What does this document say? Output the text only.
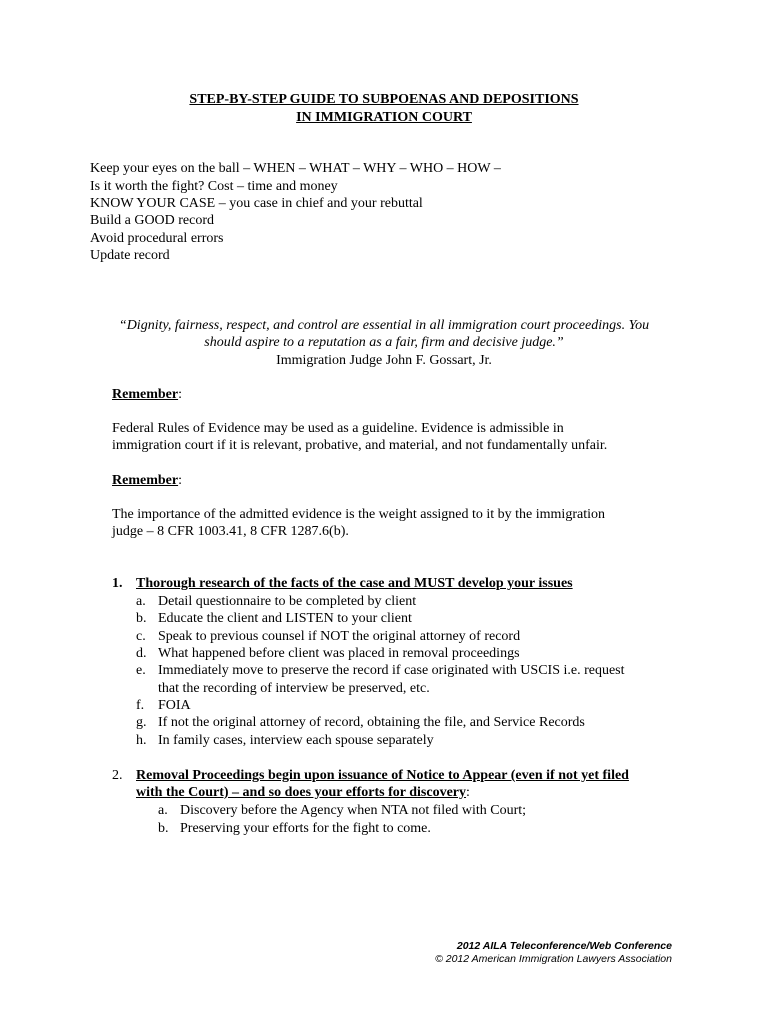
STEP-BY-STEP GUIDE TO SUBPOENAS AND DEPOSITIONS
IN IMMIGRATION COURT
Keep your eyes on the ball – WHEN – WHAT – WHY – WHO – HOW –
Is it worth the fight? Cost – time and money
KNOW YOUR CASE – you case in chief and your rebuttal
Build a GOOD record
Avoid procedural errors
Update record
“Dignity, fairness, respect, and control are essential in all immigration court proceedings. You
should aspire to a reputation as a fair, firm and decisive judge.”
Immigration Judge John F. Gossart, Jr.
Remember:
Federal Rules of Evidence may be used as a guideline. Evidence is admissible in
immigration court if it is relevant, probative, and material, and not fundamentally unfair.
Remember:
The importance of the admitted evidence is the weight assigned to it by the immigration
judge – 8 CFR 1003.41, 8 CFR 1287.6(b).
1. Thorough research of the facts of the case and MUST develop your issues
a. Detail questionnaire to be completed by client
b. Educate the client and LISTEN to your client
c. Speak to previous counsel if NOT the original attorney of record
d. What happened before client was placed in removal proceedings
e. Immediately move to preserve the record if case originated with USCIS i.e. request
that the recording of interview be preserved, etc.
f. FOIA
g. If not the original attorney of record, obtaining the file, and Service Records
h. In family cases, interview each spouse separately
2. Removal Proceedings begin upon issuance of Notice to Appear (even if not yet filed
with the Court) – and so does your efforts for discovery:
a. Discovery before the Agency when NTA not filed with Court;
b. Preserving your efforts for the fight to come.
2012 AILA Teleconference/Web Conference
© 2012 American Immigration Lawyers Association
